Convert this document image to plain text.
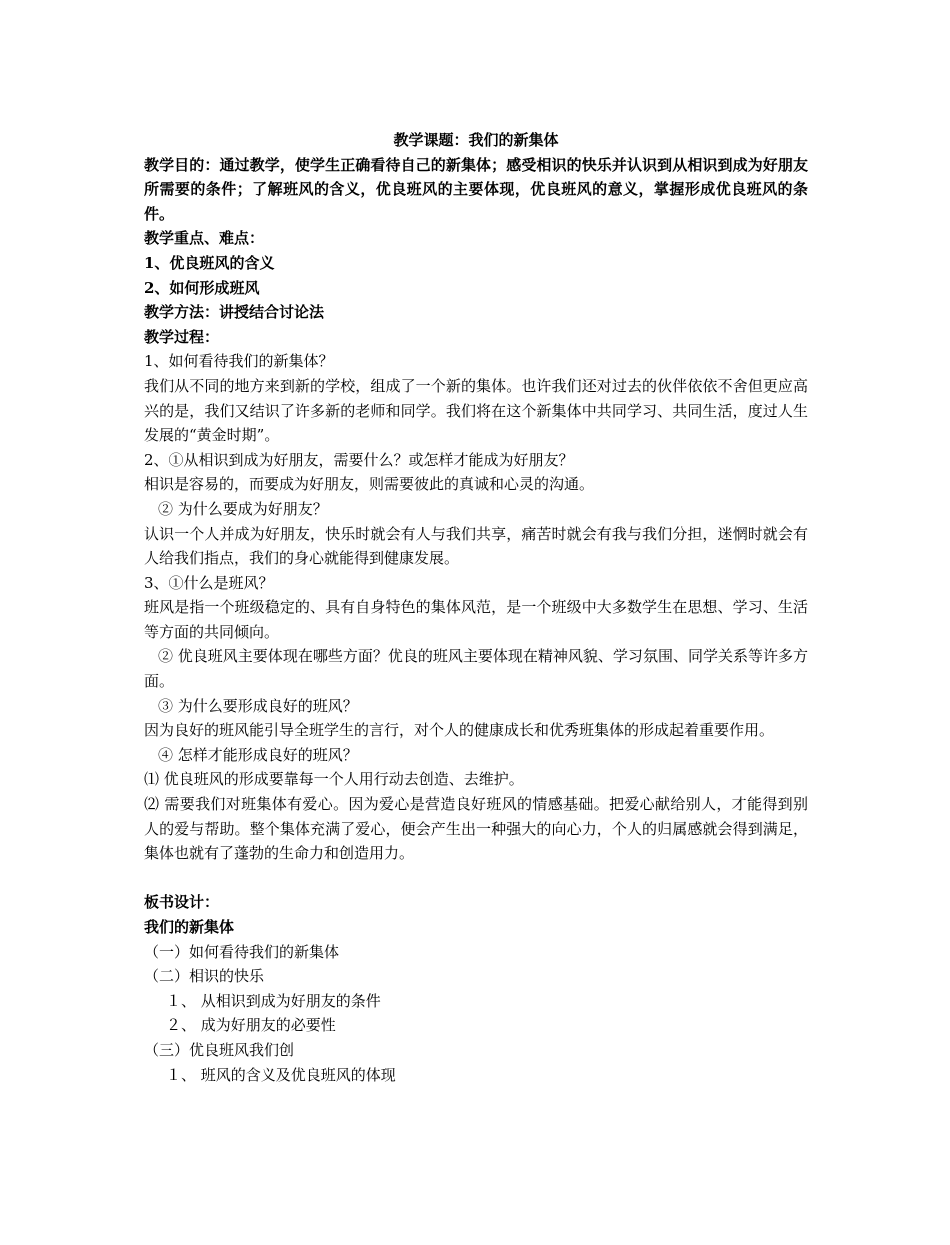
教学课题：我们的新集体
教学目的：通过教学，使学生正确看待自己的新集体；感受相识的快乐并认识到从相识到成为好朋友所需要的条件；了解班风的含义，优良班风的主要体现，优良班风的意义，掌握形成优良班风的条件。
教学重点、难点：
1、优良班风的含义
2、如何形成班风
教学方法：讲授结合讨论法
教学过程：
1、如何看待我们的新集体？
我们从不同的地方来到新的学校，组成了一个新的集体。也许我们还对过去的伙伴依依不舍但更应高兴的是，我们又结识了许多新的老师和同学。我们将在这个新集体中共同学习、共同生活，度过人生发展的“黄金时期”。
2、①从相识到成为好朋友，需要什么？或怎样才能成为好朋友？
相识是容易的，而要成为好朋友，则需要彼此的真诚和心灵的沟通。
② 为什么要成为好朋友？
认识一个人并成为好朋友，快乐时就会有人与我们共享，痛苦时就会有我与我们分担，迷惘时就会有人给我们指点，我们的身心就能得到健康发展。
3、①什么是班风？
班风是指一个班级稳定的、具有自身特色的集体风范，是一个班级中大多数学生在思想、学习、生活等方面的共同倾向。
② 优良班风主要体现在哪些方面？优良的班风主要体现在精神风貌、学习氛围、同学关系等许多方面。
③ 为什么要形成良好的班风？
因为良好的班风能引导全班学生的言行，对个人的健康成长和优秀班集体的形成起着重要作用。
④ 怎样才能形成良好的班风？
⑴ 优良班风的形成要靠每一个人用行动去创造、去维护。
⑵ 需要我们对班集体有爱心。因为爱心是营造良好班风的情感基础。把爱心献给别人，才能得到别人的爱与帮助。整个集体充满了爱心，便会产生出一种强大的向心力，个人的归属感就会得到满足，集体也就有了蓬勃的生命力和创造用力。
板书设计：
我们的新集体
（一）如何看待我们的新集体
（二）相识的快乐
１、 从相识到成为好朋友的条件
２、 成为好朋友的必要性
（三）优良班风我们创
１、 班风的含义及优良班风的体现
